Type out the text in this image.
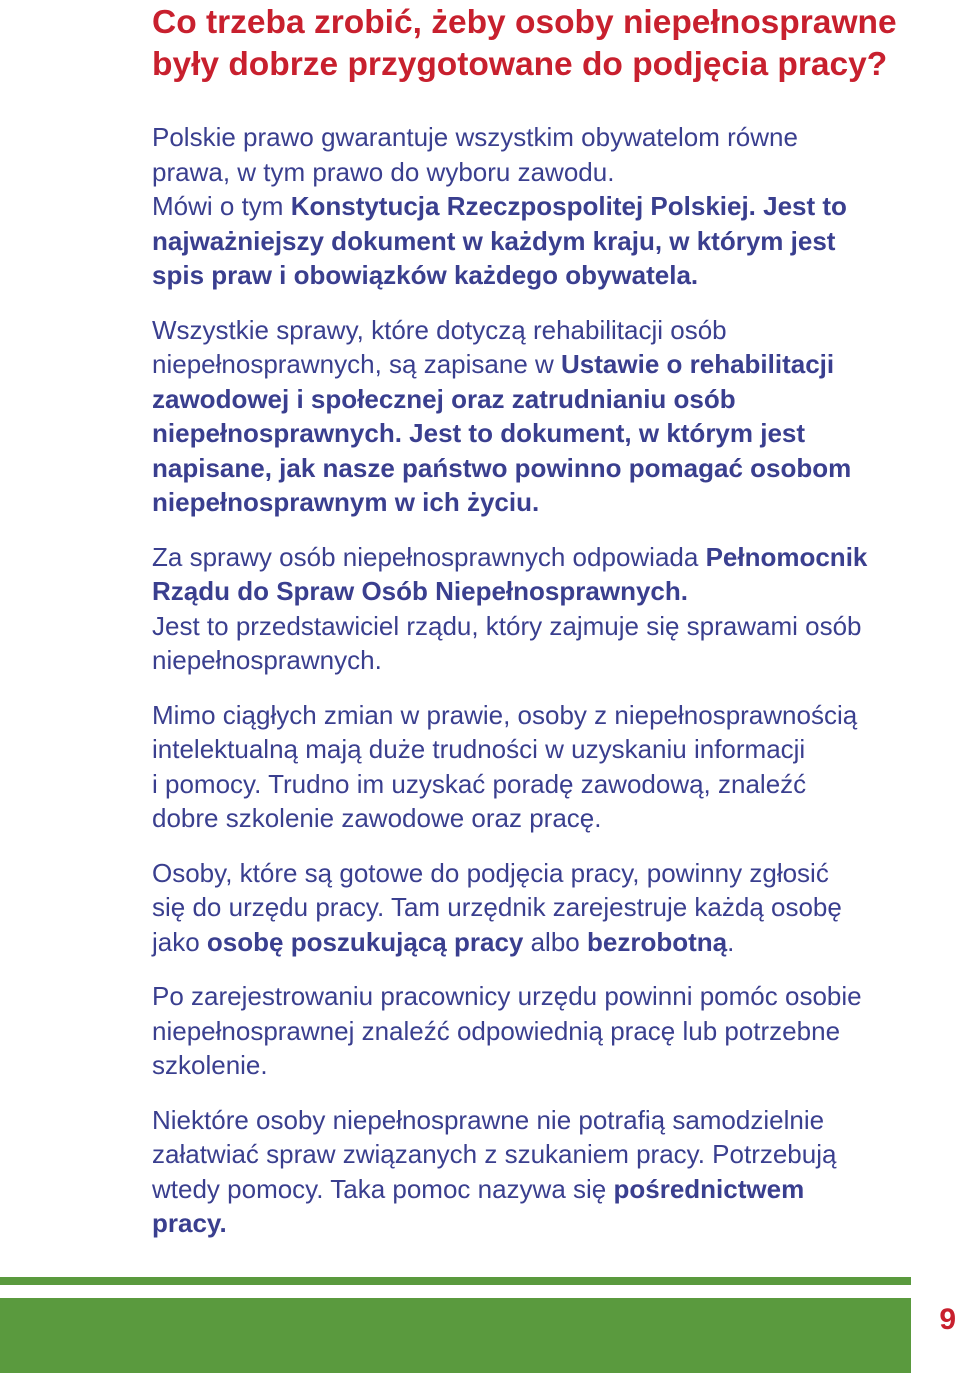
Co trzeba zrobić, żeby osoby niepełnosprawne
były dobrze przygotowane do podjęcia pracy?

Polskie prawo gwarantuje wszystkim obywatelom równe
prawa, w tym prawo do wyboru zawodu.
Mówi o tym Konstytucja Rzeczpospolitej Polskiej. Jest to
najważniejszy dokument w każdym kraju, w którym jest
spis praw i obowiązków każdego obywatela.

Wszystkie sprawy, które dotyczą rehabilitacji osób
niepełnosprawnych, są zapisane w Ustawie o rehabilitacji
zawodowej i społecznej oraz zatrudnianiu osób
niepełnosprawnych. Jest to dokument, w którym jest
napisane, jak nasze państwo powinno pomagać osobom
niepełnosprawnym w ich życiu.

Za sprawy osób niepełnosprawnych odpowiada Pełnomocnik
Rządu do Spraw Osób Niepełnosprawnych.
Jest to przedstawiciel rządu, który zajmuje się sprawami osób
niepełnosprawnych.

Mimo ciągłych zmian w prawie, osoby z niepełnosprawnością
intelektualną mają duże trudności w uzyskaniu informacji
i pomocy. Trudno im uzyskać poradę zawodową, znaleźć
dobre szkolenie zawodowe oraz pracę.

Osoby, które są gotowe do podjęcia pracy, powinny zgłosić
się do urzędu pracy. Tam urzędnik zarejestruje każdą osobę
jako osobę poszukującą pracy albo bezrobotną.

Po zarejestrowaniu pracownicy urzędu powinni pomóc osobie
niepełnosprawnej znaleźć odpowiednią pracę lub potrzebne
szkolenie.

Niektóre osoby niepełnosprawne nie potrafią samodzielnie
załatwiać spraw związanych z szukaniem pracy. Potrzebują
wtedy pomocy. Taka pomoc nazywa się pośrednictwem
pracy.

9
